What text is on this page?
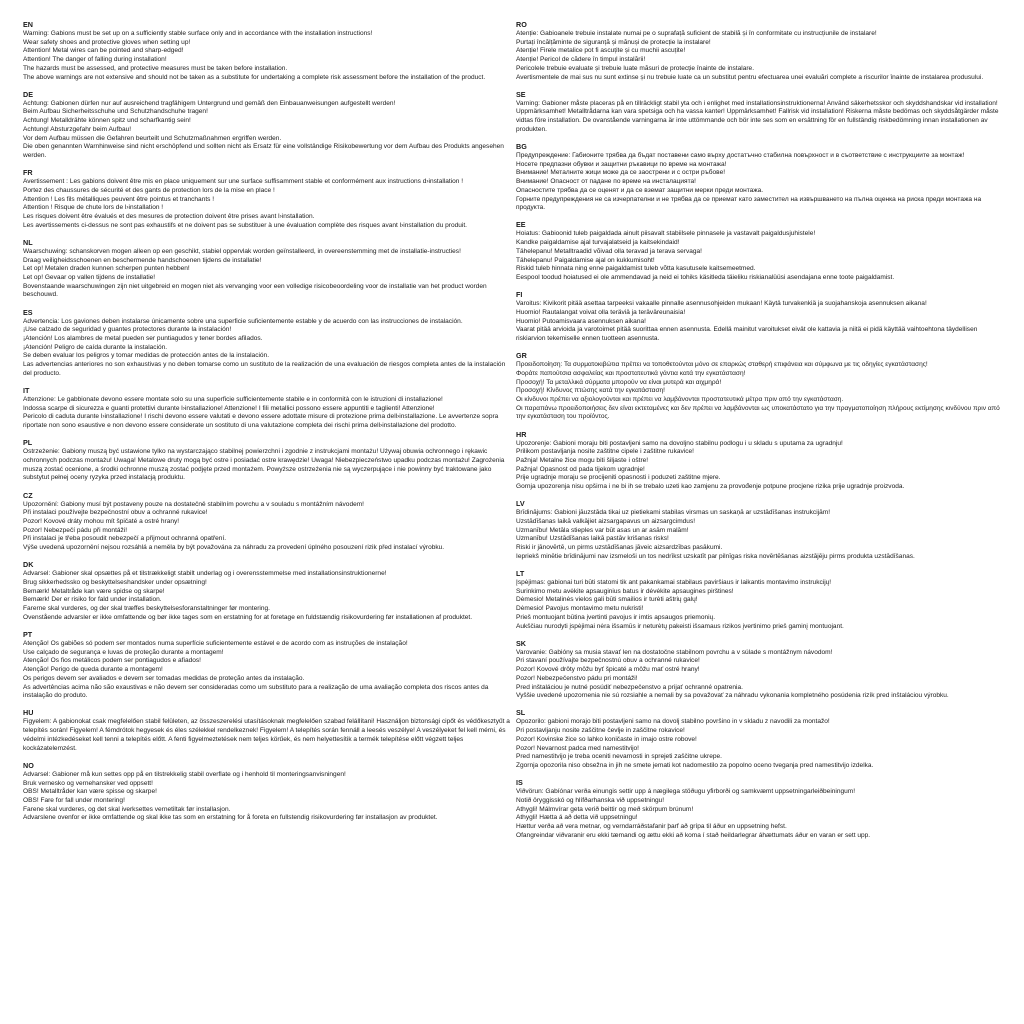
EN
Warning: Gabions must be set up on a sufficiently stable surface only and in accordance with the installation instructions!
Wear safety shoes and protective gloves when setting up!
Attention! Metal wires can be pointed and sharp-edged!
Attention! The danger of falling during installation!
The hazards must be assessed, and protective measures must be taken before installation.
The above warnings are not extensive and should not be taken as a substitute for undertaking a complete risk assessment before the installation of the product.
DE
Achtung: Gabionen dürfen nur auf ausreichend tragfähigem Untergrund und gemäß den Einbauanweisungen aufgestellt werden!
Beim Aufbau Sicherheitsschuhe und Schutzhandschuhe tragen!
Achtung! Metalldrähte können spitz und scharfkantig sein!
Achtung! Absturzgefahr beim Aufbau!
Vor dem Aufbau müssen die Gefahren beurteilt und Schutzmaßnahmen ergriffen werden.
Die oben genannten Warnhinweise sind nicht erschöpfend und sollten nicht als Ersatz für eine vollständige Risikobewertung vor dem Aufbau des Produkts angesehen werden.
FR
Avertissement : Les gabions doivent être mis en place uniquement sur une surface suffisamment stable et conformément aux instructions d›installation !
Portez des chaussures de sécurité et des gants de protection lors de la mise en place !
Attention ! Les fils métalliques peuvent être pointus et tranchants !
Attention ! Risque de chute lors de l›installation !
Les risques doivent être évalués et des mesures de protection doivent être prises avant l›installation.
Les avertissements ci-dessus ne sont pas exhaustifs et ne doivent pas se substituer à une évaluation complète des risques avant l›installation du produit.
NL
Waarschuwing: schanskorven mogen alleen op een geschikt, stabiel oppervlak worden geïnstalleerd, in overeenstemming met de installatie-instructies!
Draag veiligheidsschoenen en beschermende handschoenen tijdens de installatie!
Let op! Metalen draden kunnen scherpen punten hebben!
Let op! Gevaar op vallen tijdens de installatie!
Bovenstaande waarschuwingen zijn niet uitgebreid en mogen niet als vervanging voor een volledige risicobeoordeling voor de installatie van het product worden beschouwd.
ES
Advertencia: Los gaviones deben instalarse únicamente sobre una superficie suficientemente estable y de acuerdo con las instrucciones de instalación.
¡Use calzado de seguridad y guantes protectores durante la instalación!
¡Atención! Los alambres de metal pueden ser puntiagudos y tener bordes afilados.
¡Atención! Peligro de caída durante la instalación.
Se deben evaluar los peligros y tomar medidas de protección antes de la instalación.
Las advertencias anteriores no son exhaustivas y no deben tomarse como un sustituto de la realización de una evaluación de riesgos completa antes de la instalación del producto.
IT
Attenzione: Le gabbionate devono essere montate solo su una superficie sufficientemente stabile e in conformità con le istruzioni di installazione!
Indossa scarpe di sicurezza e guanti protettivi durante l›installazione! Attenzione! I fili metallici possono essere appuntiti e taglienti! Attenzione!
Pericolo di caduta durante l›installazione! I rischi devono essere valutati e devono essere adottate misure di protezione prima dell›installazione. Le avvertenze sopra riportate non sono esaustive e non devono essere considerate un sostituto di una valutazione completa dei rischi prima dell›installazione del prodotto.
PL
Ostrzeżenie: Gabiony muszą być ustawione tylko na wystarczająco stabilnej powierzchni i zgodnie z instrukcjami montażu! Używaj obuwia ochronnego i rękawic ochronnych podczas montażu! Uwaga! Metalowe druty mogą być ostre i posiadać ostre krawędzie! Uwaga! Niebezpieczeństwo upadku podczas montażu! Zagrożenia muszą zostać ocenione, a środki ochronne muszą zostać podjęte przed montażem. Powyższe ostrzeżenia nie są wyczerpujące i nie powinny być traktowane jako substytut pełnej oceny ryzyka przed instalacją produktu.
CZ
Upozornění: Gabiony musí být postaveny pouze na dostatečně stabilním povrchu a v souladu s montážním návodem!
Při instalaci používejte bezpečnostní obuv a ochranné rukavice!
Pozor! Kovové dráty mohou mít špičaté a ostré hrany!
Pozor! Nebezpečí pádu při montáži!
Při instalaci je třeba posoudit nebezpečí a přijmout ochranná opatření.
Výše uvedená upozornění nejsou rozsáhlá a neměla by být považována za náhradu za provedení úplného posouzení rizik před instalací výrobku.
DK
Advarsel: Gabioner skal opsættes på et tilstrækkeligt stabilt underlag og i overensstemmelse med installationsinstruktionerne!
Brug sikkerhedssko og beskyttelseshandsker under opsætning!
Bemærk! Metaltråde kan være spidse og skarpe!
Bemærk! Der er risiko for fald under installation.
Farerne skal vurderes, og der skal træffes beskyttelsesforanstaltninger før montering.
Ovenstående advarsler er ikke omfattende og bør ikke tages som en erstatning for at foretage en fuldstændig risikovurdering før installationen af produktet.
PT
Atenção! Os gabiões só podem ser montados numa superfície suficientemente estável e de acordo com as instruções de instalação!
Use calçado de segurança e luvas de proteção durante a montagem!
Atenção! Os fios metálicos podem ser pontiagudos e afiados!
Atenção! Perigo de queda durante a montagem!
Os perigos devem ser avaliados e devem ser tomadas medidas de proteção antes da instalação.
As advertências acima não são exaustivas e não devem ser consideradas como um substituto para a realização de uma avaliação completa dos riscos antes da instalação do produto.
HU
Figyelem: A gabionokat csak megfelelően stabil felületen, az összeszerelési utasításoknak megfelelően szabad felállítani! Használjon biztonsági cipőt és védőkesztyűt a telepítés során! Figyelem! A fémdrótok hegyesek és éles szélekkel rendelkeznek! Figyelem! A telepítés során fennáll a leesés veszélye! A veszélyeket fel kell mérni, és védelmi intézkedéseket kell tenni a telepítés előtt. A fenti figyelmeztetések nem teljes körűek, és nem helyettesítik a termék telepítése előtt végzett teljes kockázatelemzést.
NO
Advarsel: Gabioner må kun settes opp på en tilstrekkelig stabil overflate og i henhold til monteringsanvisningen!
Bruk vernesko og vernehansker ved oppsett!
OBS! Metalltråder kan være spisse og skarpe!
OBS! Fare for fall under montering!
Farene skal vurderes, og det skal iverksettes vernetiltak før installasjon.
Advarslene ovenfor er ikke omfattende og skal ikke tas som en erstatning for å foreta en fullstendig risikovurdering før installasjon av produktet.
RO
Atenție: Gabioanele trebuie instalate numai pe o suprafață suficient de stabilă și în conformitate cu instrucțiunile de instalare!
Purtați încălțăminte de siguranță și mănuși de protecție la instalare!
Atenție! Firele metalice pot fi ascuțite și cu muchii ascuțite!
Atenție! Pericol de cădere în timpul instalării!
Pericolele trebuie evaluate și trebuie luate măsuri de protecție înainte de instalare.
Avertismentele de mai sus nu sunt extinse și nu trebuie luate ca un substitut pentru efectuarea unei evaluări complete a riscurilor înainte de instalarea produsului.
SE
Varning: Gabioner måste placeras på en tillräckligt stabil yta och i enlighet med installationsinstruktionerna! Använd säkerhetsskor och skyddshandskar vid installation! Uppmärksamhet! Metalltrådarna kan vara spetsiga och ha vassa kanter! Uppmärksamhet! Fallrisk vid installation! Riskerna måste bedömas och skyddsåtgärder måste vidtas före installation. De ovanstående varningarna är inte uttömmande och bör inte ses som en ersättning för en fullständig riskbedömning innan installationen av produkten.
BG
Предупреждение: Габионите трябва да бъдат поставени само върху достатъчно стабилна повърхност и в съответствие с инструкциите за монтаж!
Носете предпазни обувки и защитни ръкавици по време на монтажа!
Внимание! Металните жици може да се заострени и с остри ръбове!
Внимание! Опасност от падане по време на инсталацията!
Опасностите трябва да се оценят и да се вземат защитни мерки преди монтажа.
Горните предупреждения не са изчерпателни и не трябва да се приемат като заместител на извършването на пълна оценка на риска преди монтажа на продукта.
EE
Hoiatus: Gabioonid tuleb paigaldada ainult piisavalt stabiilsele pinnasele ja vastavalt paigaldusjuhistele!
Kandke paigaldamise ajal turvajalatseid ja kaitsekindaid!
Tähelepanu! Metalltraadid võivad olla teravad ja terava servaga!
Tähelepanu! Paigaldamise ajal on kukkumisoht!
Riskid tuleb hinnata ning enne paigaldamist tuleb võtta kasutusele kaitsemeetmed.
Eespool toodud hoiatused ei ole ammendavad ja neid ei tohiks käsitleda täieliku riskianalüüsi asendajana enne toote paigaldamist.
FI
Varoitus: Kivikorit pitää asettaa tarpeeksi vakaalle pinnalle asennusohjeiden mukaan! Käytä turvakenkiä ja suojahanskoja asennuksen aikana!
Huomio! Rautalangat voivat olla teräviä ja teräväreunaisia!
Huomio! Putoamisvaara asennuksen aikana!
Vaarat pitää arvioida ja varotoimet pitää suorittaa ennen asennusta. Edellä mainitut varoitukset eivät ole kattavia ja niitä ei pidä käyttää vaihtoehtona täydellisen riskiarvion tekemiselle ennen tuotteen asennusta.
GR
Προειδοποίηση: Τα συρματοκιβώτια πρέπει να τοποθετούνται μόνο σε επαρκώς σταθερή επιφάνεια και σύμφωνα με τις οδηγίες εγκατάστασης!
Φοράτε παπούτσια ασφαλείας και προστατευτικά γάντια κατά την εγκατάσταση!
Προσοχή! Τα μεταλλικά σύρματα μπορούν να είναι μυτερά και αιχμηρά!
Προσοχή! Κίνδυνος πτώσης κατά την εγκατάσταση!
Οι κίνδυνοι πρέπει να αξιολογούνται και πρέπει να λαμβάνονται προστατευτικά μέτρα πριν από την εγκατάσταση.
Οι παραπάνω προειδοποιήσεις δεν είναι εκτεταμένες και δεν πρέπει να λαμβάνονται ως υποκατάστατο για την πραγματοποίηση πλήρους εκτίμησης κινδύνου πριν από την εγκατάσταση του προϊόντος.
HR
Upozorenje: Gabioni moraju biti postavljeni samo na dovoljno stabilnu podlogu i u skladu s uputama za ugradnju!
Prilikom postavljanja nosite zaštitne cipele i zaštitne rukavice!
Pažnja! Metalne žice mogu biti šiljaste i oštre!
Pažnja! Opasnost od pada tijekom ugradnje!
Prije ugradnje moraju se procijeniti opasnosti i poduzeti zaštitne mjere.
Gornja upozorenja nisu opširna i ne bi ih se trebalo uzeti kao zamjenu za provođenje potpune procjene rizika prije ugradnje proizvoda.
LV
Brīdinājums: Gabioni jāuzstāda tikai uz pietiekami stabilas virsmas un saskaņā ar uzstādīšanas instrukcijām!
Uzstādīšanas laikā valkājiet aizsargapavus un aizsargcimdus!
Uzmanību! Metāla stieples var būt asas un ar asām malām!
Uzmanību! Uzstādīšanas laikā pastāv krišanas risks!
Riski ir jānovērtē, un pirms uzstādīšanas jāveic aizsardzības pasākumi.
Iepriekš minētie brīdinājumi nav izsmeloši un tos nedrīkst uzskatīt par pilnīgas riska novērtēšanas aizstājēju pirms produkta uzstādīšanas.
LT
Įspėjimas: gabionai turi būti statomi tik ant pakankamai stabilaus paviršiaus ir laikantis montavimo instrukcijų!
Surinkimo metu avėkite apsauginius batus ir dėvėkite apsaugines pirštines!
Dėmesio! Metalinės vielos gali būti smailios ir turėti aštrių galų!
Dėmesio! Pavojus montavimo metu nukristi!
Prieš montuojant būtina įvertinti pavojus ir imtis apsaugos priemonių.
Aukščiau nurodyti įspėjimai nėra išsamūs ir neturėtų pakeisti išsamaus rizikos įvertinimo prieš gaminį montuojant.
SK
Varovanie: Gabióny sa musia stavať len na dostatočne stabilnom povrchu a v súlade s montážnym návodom!
Pri stavaní používajte bezpečnostnú obuv a ochranné rukavice!
Pozor! Kovové drôty môžu byť špicaté a môžu mať ostré hrany!
Pozor! Nebezpečenstvo pádu pri montáži!
Pred inštaláciou je nutné posúdiť nebezpečenstvo a prijať ochranné opatrenia.
Vyššie uvedené upozornenia nie sú rozsiahle a nemali by sa považovať za náhradu vykonania kompletného posúdenia rizík pred inštaláciou výrobku.
SL
Opozorilo: gabioni morajo biti postavljeni samo na dovolj stabilno površino in v skladu z navodili za montažo!
Pri postavljanju nosite zaščitne čevlje in zaščitne rokavice!
Pozor! Kovinske žice so lahko koničaste in imajo ostre robove!
Pozor! Nevarnost padca med namestitvijo!
Pred namestitvijo je treba oceniti nevarnosti in sprejeti zaščitne ukrepe.
Zgornja opozorila niso obsežna in jih ne smete jemati kot nadomestilo za popolno oceno tveganja pred namestitvijo izdelka.
IS
Viðvörun: Gabíónar verða einungis settir upp á nægilega stöðugu yfirborði og samkvæmt uppsetningarleiðbeiningum!
Notið öryggisskó og hlífðarhanska við uppsetningu!
Athygli! Málmvírar geta verið beittir og með skörpum brúnum!
Athygli! Hætta á að detta við uppsetningu!
Hættur verða að vera metnar, og verndarráðstafanir þarf að grípa til áður en uppsetning hefst.
Ofangreindar viðvaranir eru ekki tæmandi og ættu ekki að koma í stað heildarlegrar áhættumats áður en varan er sett upp.
